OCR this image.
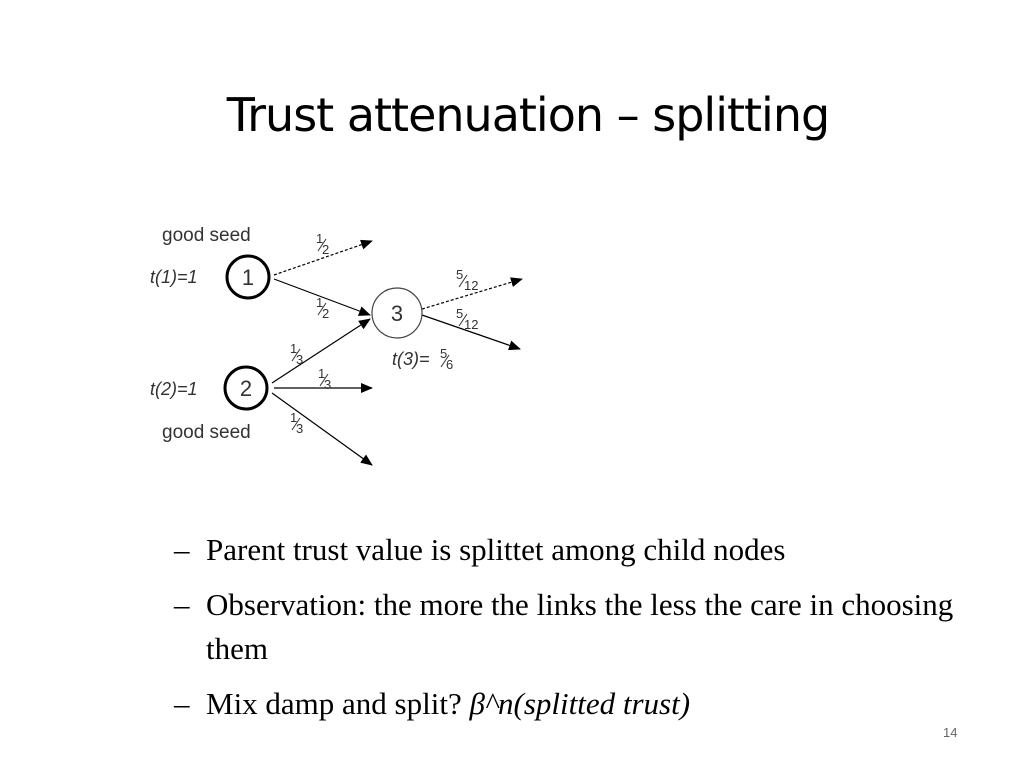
Trust attenuation – splitting
1
2
3
good seed
t(1)=1
t(2)=1
good seed
t(3)= 5
6
1
2
1
2
1
3
1
3
1
3
5
12
5
12
– Parent trust value is splittet among child nodes
– Observation: the more the links the less the care in choosing them
– Mix damp and split? β^n(splitted trust)
14
